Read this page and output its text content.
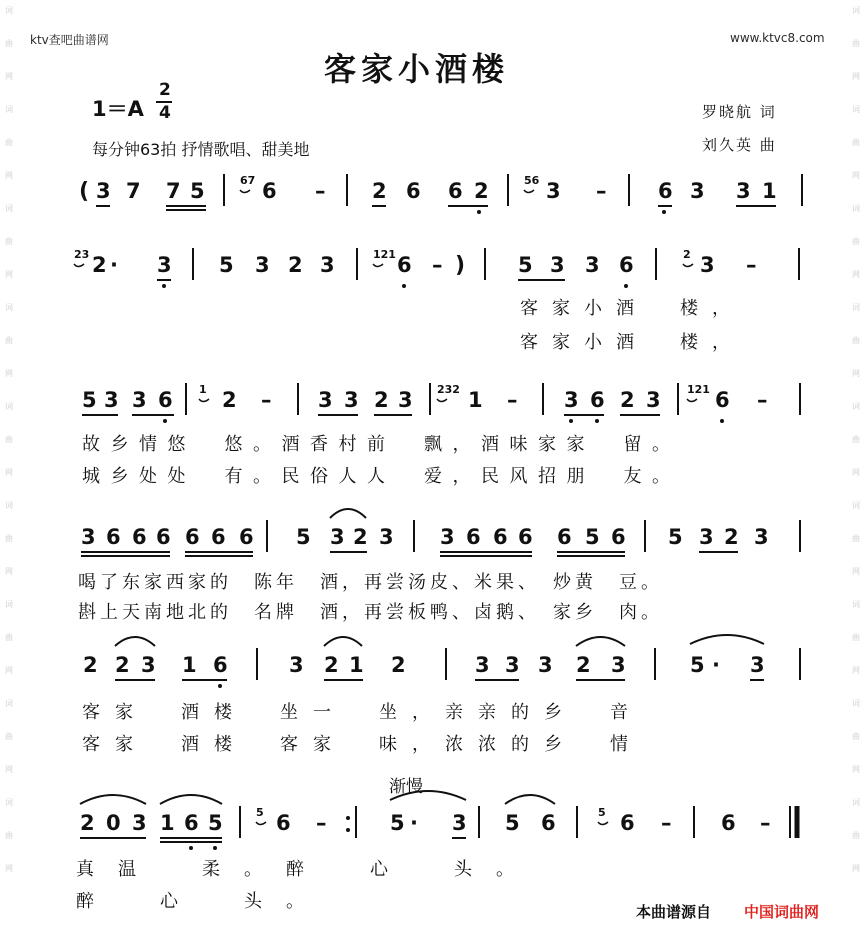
词
曲
网
词
曲
网
词
曲
网
词
曲
网
词
曲
网
词
曲
网
词
曲
网
词
曲
网
词
曲
网
词
曲
网
词
曲
网
词
曲
网
词
曲
网
词
曲
网
词
曲
网
词
曲
网
词
曲
网
词
曲
网
ktv查吧曲谱网	www.ktvc8.com
客家小酒楼
1＝A
2
4
每分钟63拍 抒情歌唱、甜美地
罗晓航 词
刘久英 曲
( 3 7 7 5	67 6 – 2 6 6 2	56 3 – 6 3 3 1
23 2 · 3 5 3 2 3	121 6 – )	5 3 3 6	2 3 –
5 3 3 6 1 2 – 3 3 2 3 232 1 – 3 6 2 3 121 6 –
3 6 6 6 6 6 6 5 3 2 3 3 6 6 6 6 5 6 5 3 2 3
2 2 3 1 6	3 2 1 2	3 3 3 2 3	5 · 3
2 0 3 1 6 5	5 6 –	5 · 3 5 6	5 6 – 6 –
客家小酒　楼，
客家小酒　楼，
故乡情悠　悠。酒香村前　飘，酒味家家　留。
城乡处处　有。民俗人人　爱，民风招朋　友。
喝了东家西家的　陈年　酒，再尝汤皮、米果、　炒黄　豆。
斟上天南地北的　名牌　酒，再尝板鸭、卤鹅、　家乡　肉。
客家　酒楼　坐一　坐，亲亲的乡　音
客家　酒楼　客家　味，浓浓的乡　情
真温　柔。醉　心　头。
醉　心　头。
渐慢
本曲谱源自 中国词曲网
